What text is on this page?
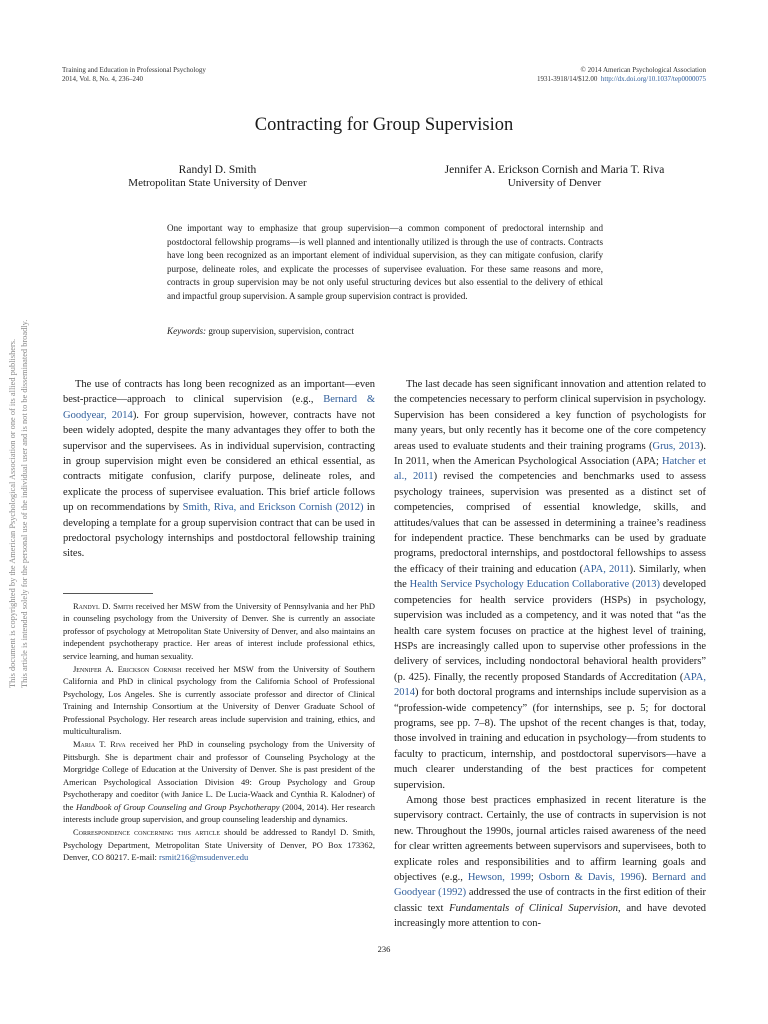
Training and Education in Professional Psychology
2014, Vol. 8, No. 4, 236–240
© 2014 American Psychological Association
1931-3918/14/$12.00 http://dx.doi.org/10.1037/tep0000075
Contracting for Group Supervision
Randyl D. Smith
Metropolitan State University of Denver
Jennifer A. Erickson Cornish and Maria T. Riva
University of Denver
One important way to emphasize that group supervision—a common component of predoctoral internship and postdoctoral fellowship programs—is well planned and intentionally utilized is through the use of contracts. Contracts have long been recognized as an important element of individual supervision, as they can mitigate confusion, clarify purpose, delineate roles, and explicate the processes of supervisee evaluation. For these same reasons and more, contracts in group supervision may be not only useful structuring devices but also essential to the delivery of ethical and impactful group supervision. A sample group supervision contract is provided.
Keywords: group supervision, supervision, contract
This document is copyrighted by the American Psychological Association or one of its allied publishers. This article is intended solely for the personal use of the individual user and is not to be disseminated broadly.	The use of contracts has long been recognized as an important—even best-practice—approach to clinical supervision (e.g., Bernard & Goodyear, 2014). For group supervision, however, contracts have not been widely adopted, despite the many advantages they offer to both the supervisor and the supervisees. As in individual supervision, contracting in group supervision might even be considered an ethical essential, as contracts mitigate confusion, clarify purpose, delineate roles, and explicate the process of supervisee evaluation. This brief article follows up on recommendations by Smith, Riva, and Erickson Cornish (2012) in developing a template for a group supervision contract that can be used in predoctoral psychology internships and postdoctoral fellowship training sites.

Randyl D. Smith received her MSW from the University of Pennsylvania and her PhD in counseling psychology from the University of Denver. She is currently an associate professor of psychology at Metropolitan State University of Denver, and also maintains an independent psychotherapy practice. Her areas of interest include professional ethics, service learning, and human sexuality.

Jennifer A. Erickson Cornish received her MSW from the University of Southern California and PhD in clinical psychology from the California School of Professional Psychology, Los Angeles. She is currently associate professor and director of Clinical Training and Internship Consortium at the University of Denver Graduate School of Professional Psychology. Her research areas include supervision and training, ethics, and multiculturalism.

Maria T. Riva received her PhD in counseling psychology from the University of Pittsburgh. She is department chair and professor of Counseling Psychology at the Morgridge College of Education at the University of Denver. She is past president of the American Psychological Association Division 49: Group Psychology and Group Psychotherapy and coeditor (with Janice L. De Lucia-Waack and Cynthia R. Kalodner) of the Handbook of Group Counseling and Group Psychotherapy (2004, 2014). Her research interests include group supervision, and group counseling leadership and dynamics.

Correspondence concerning this article should be addressed to Randyl D. Smith, Psychology Department, Metropolitan State University of Denver, PO Box 173362, Denver, CO 80217. E-mail: rsmit216@msudenver.edu

The last decade has seen significant innovation and attention related to the competencies necessary to perform clinical supervision in psychology. Supervision has been considered a key function of psychologists for many years, but only recently has it become one of the core competency areas used to evaluate students and their training programs (Grus, 2013). In 2011, when the American Psychological Association (APA; Hatcher et al., 2011) revised the competencies and benchmarks used to assess psychology trainees, supervision was presented as a distinct set of competencies, comprised of essential knowledge, skills, and attitudes/values that can be assessed in determining a trainee’s readiness for independent practice. These benchmarks can be used by graduate programs, predoctoral internships, and postdoctoral fellowships to assess the efficacy of their training and education (APA, 2011). Similarly, when the Health Service Psychology Education Collaborative (2013) developed competencies for health service providers (HSPs) in psychology, supervision was included as a competency, and it was noted that “as the health care system focuses on practice at the highest level of training, HSPs are increasingly called upon to supervise other professions in the delivery of services, including nondoctoral behavioral health providers” (p. 425). Finally, the recently proposed Standards of Accreditation (APA, 2014) for both doctoral programs and internships include supervision as a “profession-wide competency” (for internships, see p. 5; for doctoral programs, see pp. 7–8). The upshot of the recent changes is that, today, those involved in training and education in psychology—from students to faculty to practicum, internship, and postdoctoral supervisors—have a much clearer understanding of the best practices for competent supervision.

Among those best practices emphasized in recent literature is the supervisory contract. Certainly, the use of contracts in supervision is not new. Throughout the 1990s, journal articles raised awareness of the need for clear written agreements between supervisors and supervisees, both to explicate roles and responsibilities and to affirm learning goals and objectives (e.g., Hewson, 1999; Osborn & Davis, 1996). Bernard and Goodyear (1992) addressed the use of contracts in the first edition of their classic text Fundamentals of Clinical Supervision, and have devoted increasingly more attention to con-

236
